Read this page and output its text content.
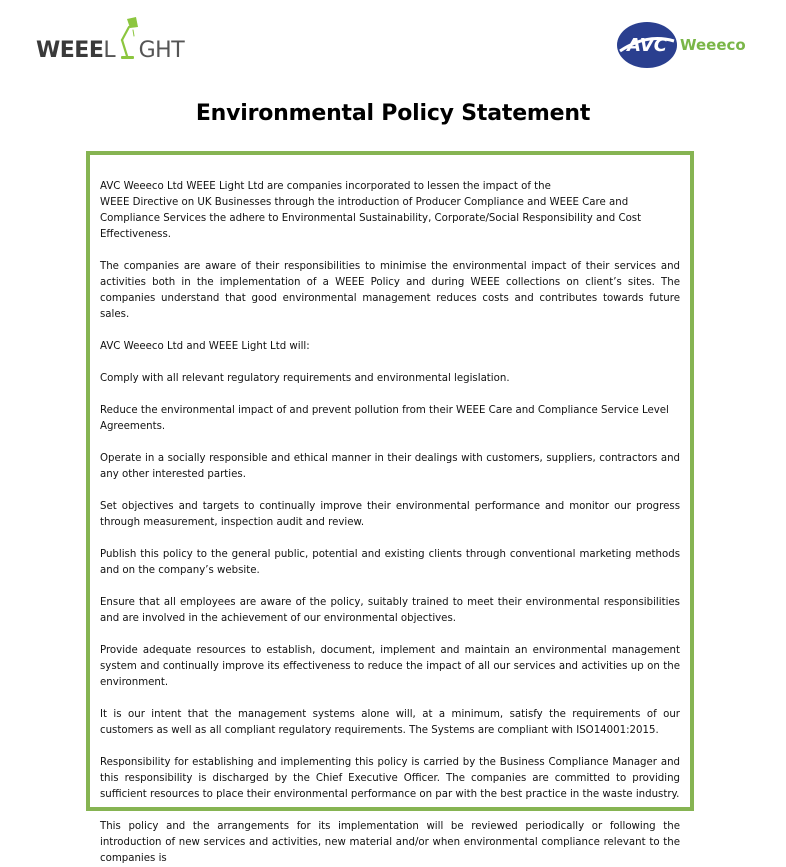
WEEE L GHT	AVC Weeeco
Environmental Policy Statement

AVC Weeeco Ltd WEEE Light Ltd are companies incorporated to lessen the impact of the
WEEE Directive on UK Businesses through the introduction of Producer Compliance and WEEE Care and Compliance Services the adhere to Environmental Sustainability, Corporate/Social Responsibility and Cost Effectiveness.

The companies are aware of their responsibilities to minimise the environmental impact of their services and activities both in the implementation of a WEEE Policy and during WEEE collections on client’s sites. The companies understand that good environmental management reduces costs and contributes towards future sales.

AVC Weeeco Ltd and WEEE Light Ltd will:

Comply with all relevant regulatory requirements and environmental legislation.

Reduce the environmental impact of and prevent pollution from their WEEE Care and Compliance Service Level Agreements.

Operate in a socially responsible and ethical manner in their dealings with customers, suppliers, contractors and any other interested parties.

Set objectives and targets to continually improve their environmental performance and monitor our progress through measurement, inspection audit and review.

Publish this policy to the general public, potential and existing clients through conventional marketing methods and on the company’s website.

Ensure that all employees are aware of the policy, suitably trained to meet their environmental responsibilities and are involved in the achievement of our environmental objectives.

Provide adequate resources to establish, document, implement and maintain an environmental management system and continually improve its effectiveness to reduce the impact of all our services and activities up on the environment.

It is our intent that the management systems alone will, at a minimum, satisfy the requirements of our customers as well as all compliant regulatory requirements. The Systems are compliant with ISO14001:2015.

Responsibility for establishing and implementing this policy is carried by the Business Compliance Manager and this responsibility is discharged by the Chief Executive Officer. The companies are committed to providing sufficient resources to place their environmental performance on par with the best practice in the waste industry.

This policy and the arrangements for its implementation will be reviewed periodically or following the introduction of new services and activities, new material and/or when environmental compliance relevant to the companies is
